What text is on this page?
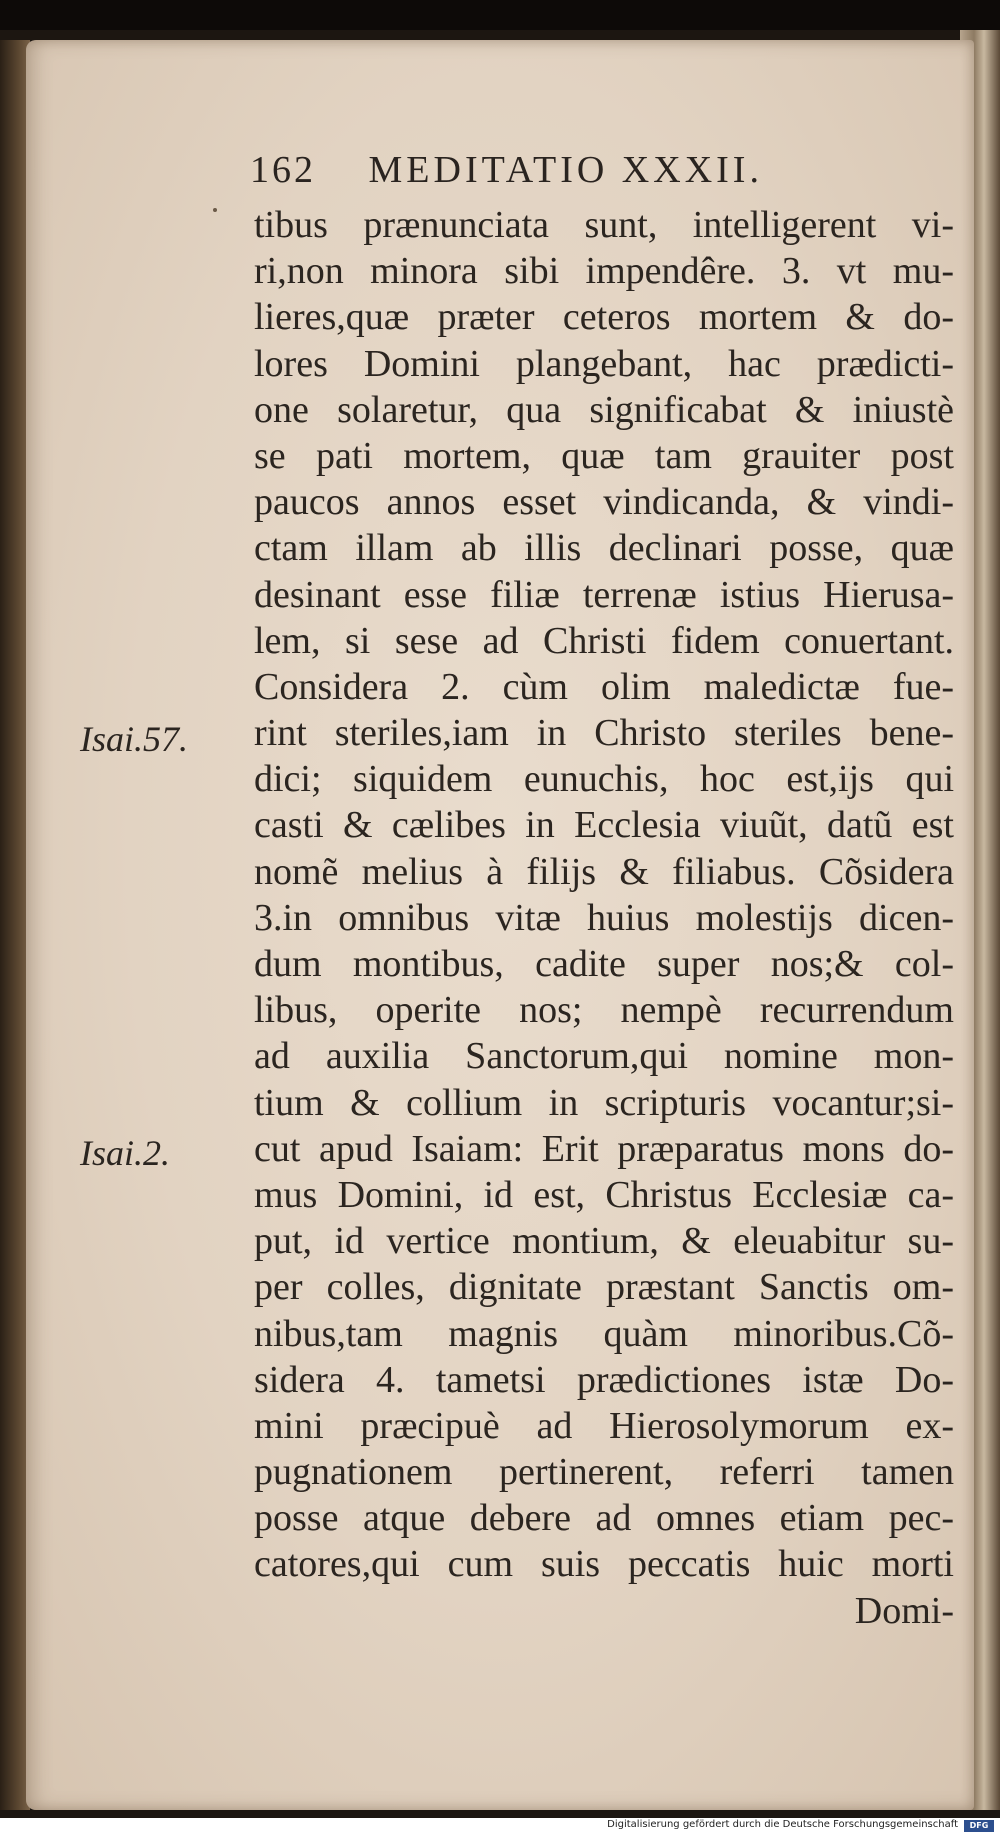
162 MEDITATIO XXXII.
Isai.57.
Isai.2.
tibus prænunciata sunt, intelligerent vi-
ri,non minora sibi impendêre. 3. vt mu-
lieres,quæ præter ceteros mortem & do-
lores Domini plangebant, hac prædicti-
one solaretur, qua significabat & iniustè
se pati mortem, quæ tam grauiter post
paucos annos esset vindicanda, & vindi-
ctam illam ab illis declinari posse, quæ
desinant esse filiæ terrenæ istius Hierusa-
lem, si sese ad Christi fidem conuertant.
Considera 2. cùm olim maledictæ fue-
rint steriles,iam in Christo steriles bene-
dici; siquidem eunuchis, hoc est,ijs qui
casti & cælibes in Ecclesia viuũt, datũ est
nomẽ melius à filijs & filiabus. Cõsidera
3.in omnibus vitæ huius molestijs dicen-
dum montibus, cadite super nos;& col-
libus, operite nos; nempè recurrendum
ad auxilia Sanctorum,qui nomine mon-
tium & collium in scripturis vocantur;si-
cut apud Isaiam: Erit præparatus mons do-
mus Domini, id est, Christus Ecclesiæ ca-
put, id vertice montium, & eleuabitur su-
per colles, dignitate præstant Sanctis om-
nibus,tam magnis quàm minoribus.Cõ-
sidera 4. tametsi prædictiones istæ Do-
mini præcipuè ad Hierosolymorum ex-
pugnationem pertinerent, referri tamen
posse atque debere ad omnes etiam pec-
catores,qui cum suis peccatis huic morti
Domi-
Digitalisierung gefördert durch die Deutsche Forschungsgemeinschaft	DFG
